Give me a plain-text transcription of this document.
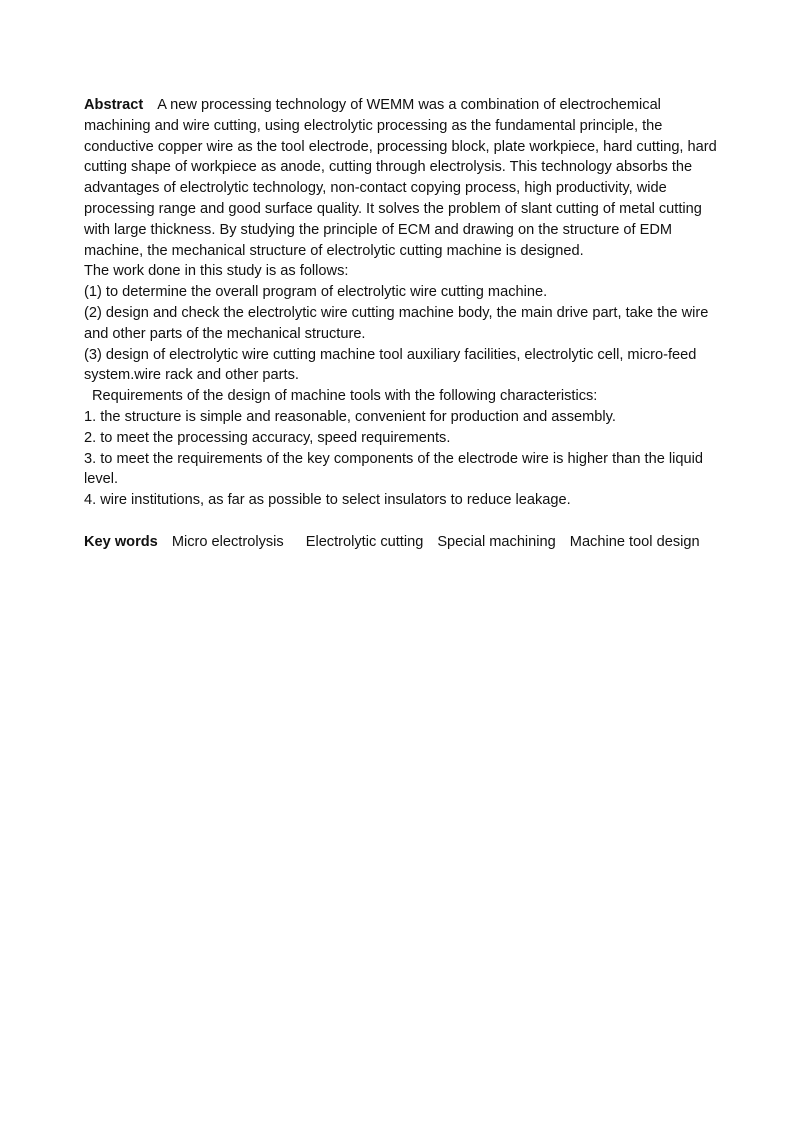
Abstract A new processing technology of WEMM was a combination of electrochemical machining and wire cutting, using electrolytic processing as the fundamental principle, the conductive copper wire as the tool electrode, processing block, plate workpiece, hard cutting, hard cutting shape of workpiece as anode, cutting through electrolysis. This technology absorbs the advantages of electrolytic technology, non-contact copying process, high productivity, wide processing range and good surface quality. It solves the problem of slant cutting of metal cutting with large thickness. By studying the principle of ECM and drawing on the structure of EDM machine, the mechanical structure of electrolytic cutting machine is designed.

The work done in this study is as follows:

(1) to determine the overall program of electrolytic wire cutting machine.

(2) design and check the electrolytic wire cutting machine body, the main drive part, take the wire and other parts of the mechanical structure.

(3) design of electrolytic wire cutting machine tool auxiliary facilities, electrolytic cell, micro-feed system.wire rack and other parts.

Requirements of the design of machine tools with the following characteristics:

1. the structure is simple and reasonable, convenient for production and assembly.

2. to meet the processing accuracy, speed requirements.

3. to meet the requirements of the key components of the electrode wire is higher than the liquid level.

4. wire institutions, as far as possible to select insulators to reduce leakage.

Key words Micro electrolysis Electrolytic cutting Special machining Machine tool design
